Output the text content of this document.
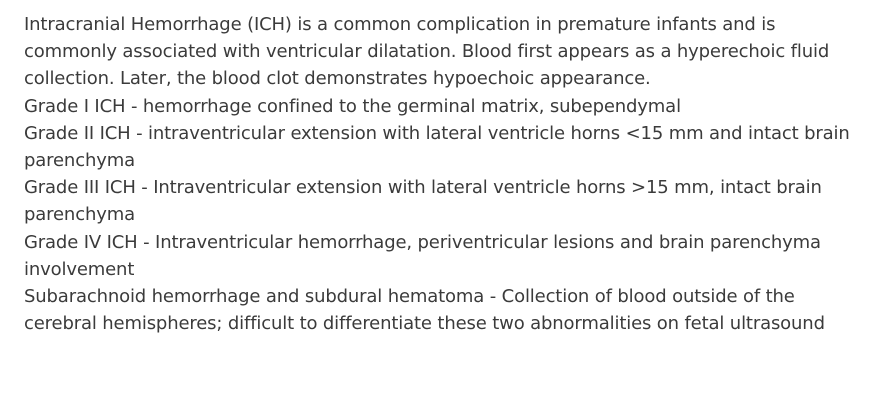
Intracranial Hemorrhage (ICH) is a common complication in premature infants and is commonly associated with ventricular dilatation. Blood first appears as a hyperechoic fluid collection. Later, the blood clot demonstrates hypoechoic appearance.

Grade I ICH - hemorrhage confined to the germinal matrix, subependymal

Grade II ICH - intraventricular extension with lateral ventricle horns <15 mm and intact brain parenchyma

Grade III ICH - Intraventricular extension with lateral ventricle horns >15 mm, intact brain parenchyma

Grade IV ICH - Intraventricular hemorrhage, periventricular lesions and brain parenchyma involvement

Subarachnoid hemorrhage and subdural hematoma - Collection of blood outside of the cerebral hemispheres; difficult to differentiate these two abnormalities on fetal ultrasound
